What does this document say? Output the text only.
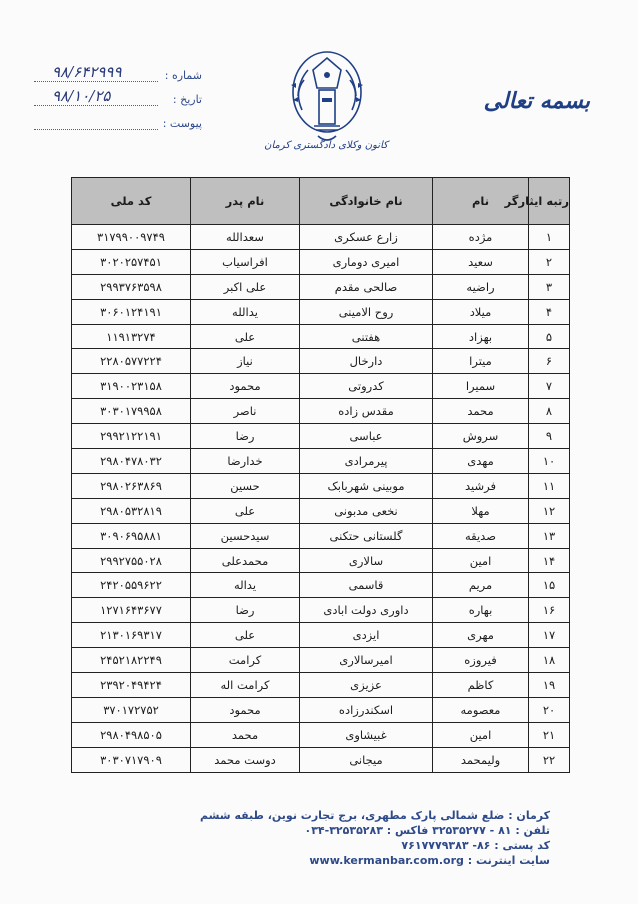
بسمه تعالی
کانون وکلای دادگستری کرمان
شماره :
۹۸/۶۴۲۹۹۹
تاریخ :
۹۸/۱۰/۲۵
پیوست :
رتبه ایثارگر	نام	نام خانوادگی	نام پدر	کد ملی
۱	مژده	زارع عسکری	سعدالله	۳۱۷۹۹۰۰۹۷۴۹
۲	سعید	امیری دوماری	افراسیاب	۳۰۲۰۲۵۷۴۵۱
۳	راضیه	صالحی مقدم	علی اکبر	۲۹۹۳۷۶۳۵۹۸
۴	میلاد	روح الامینی	یدالله	۳۰۶۰۱۲۴۱۹۱
۵	بهزاد	هفتنی	علی	۱۱۹۱۳۲۷۴
۶	میترا	دارخال	نیاز	۲۲۸۰۵۷۷۲۲۴
۷	سمیرا	کدروتی	محمود	۳۱۹۰۰۲۳۱۵۸
۸	محمد	مقدس زاده	ناصر	۳۰۳۰۱۷۹۹۵۸
۹	سروش	عباسی	رضا	۲۹۹۲۱۲۲۱۹۱
۱۰	مهدی	پیرمرادی	خدارضا	۲۹۸۰۴۷۸۰۳۲
۱۱	فرشید	موبینی شهربابک	حسین	۲۹۸۰۲۶۳۸۶۹
۱۲	مهلا	نخعی مدبونی	علی	۲۹۸۰۵۳۲۸۱۹
۱۳	صدیقه	گلستانی حتکنی	سیدحسین	۳۰۹۰۶۹۵۸۸۱
۱۴	امین	سالاری	محمدعلی	۲۹۹۲۷۵۵۰۲۸
۱۵	مریم	قاسمی	یداله	۲۴۲۰۵۵۹۶۲۲
۱۶	بهاره	داوری دولت ابادی	رضا	۱۲۷۱۶۴۳۶۷۷
۱۷	مهری	ایزدی	علی	۲۱۳۰۱۶۹۳۱۷
۱۸	فیروزه	امیرسالاری	کرامت	۲۴۵۲۱۸۲۲۴۹
۱۹	کاظم	عزیزی	کرامت اله	۲۳۹۲۰۴۹۴۲۴
۲۰	معصومه	اسکندرزاده	محمود	۳۷۰۱۷۲۷۵۲
۲۱	امین	غبیشاوی	محمد	۲۹۸۰۴۹۸۵۰۵
۲۲	ولیمحمد	میجانی	دوست محمد	۳۰۳۰۷۱۷۹۰۹
کرمان : ضلع شمالی پارک مطهری، برج تجارت نوین، طبقه ششم
تلفن : ۸۱ - ۳۲۵۳۵۲۷۷ فاکس : ۳۲۵۳۵۲۸۳-۰۳۴
کد پستی : ۸۶- ۷۶۱۷۷۷۹۳۸۳
سایت اینترنت : www.kermanbar.com.org
